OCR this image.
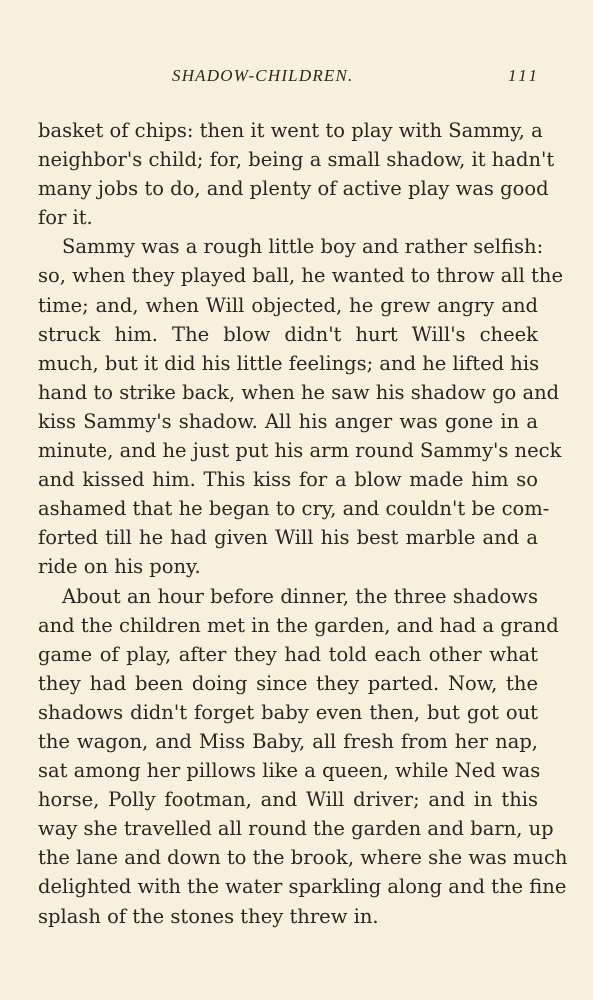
SHADOW-CHILDREN.	111
basket of chips: then it went to play with Sammy, a
neighbor's child; for, being a small shadow, it hadn't
many jobs to do, and plenty of active play was good
for it.
Sammy was a rough little boy and rather selfish:
so, when they played ball, he wanted to throw all the
time; and, when Will objected, he grew angry and
struck him. The blow didn't hurt Will's cheek
much, but it did his little feelings; and he lifted his
hand to strike back, when he saw his shadow go and
kiss Sammy's shadow. All his anger was gone in a
minute, and he just put his arm round Sammy's neck
and kissed him. This kiss for a blow made him so
ashamed that he began to cry, and couldn't be com-
forted till he had given Will his best marble and a
ride on his pony.
About an hour before dinner, the three shadows
and the children met in the garden, and had a grand
game of play, after they had told each other what
they had been doing since they parted. Now, the
shadows didn't forget baby even then, but got out
the wagon, and Miss Baby, all fresh from her nap,
sat among her pillows like a queen, while Ned was
horse, Polly footman, and Will driver; and in this
way she travelled all round the garden and barn, up
the lane and down to the brook, where she was much
delighted with the water sparkling along and the fine
splash of the stones they threw in.
